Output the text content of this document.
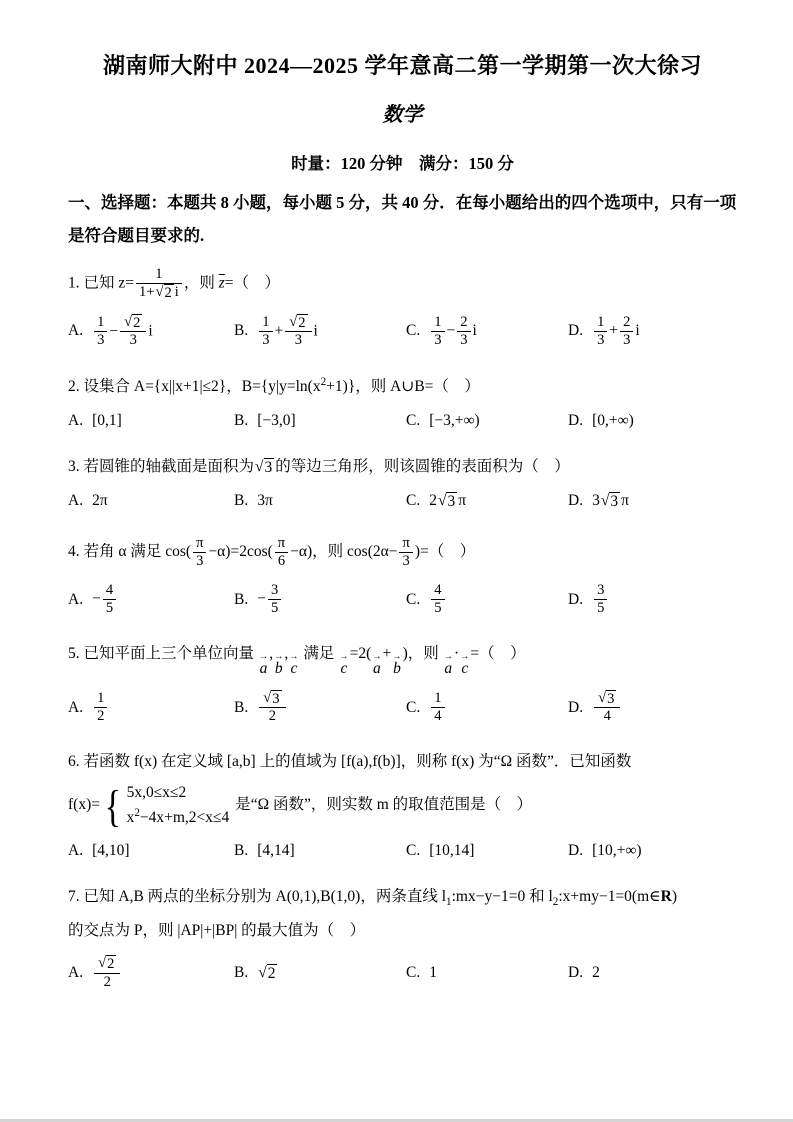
湖南师大附中 2024—2025 学年意高二第一学期第一次大徐习
数学
时量：120 分钟　满分：150 分
一、选择题：本题共 8 小题，每小题 5 分，共 40 分．在每小题给出的四个选项中，只有一项
是符合题目要求的.
1. 已知 $z= \frac{1}{1+ √ 2 i}$ ，则 $\overline{z}=$（　）
A. $\frac{1}{3} - \frac{√ 2}{3}$ i	B. $\frac{1}{3} + \frac{√ 2}{3}$ i	C. $\frac{1}{3} - \frac{2}{3}$ i	D. $\frac{1}{3} + \frac{2}{3}$ i
2. 设集合 A={x||x+1|≤2}，$B=\{y|y=\ln(x^2+1)\}$，则 A∪B=（　）
A. [0,1]	B. [−3,0]	C. [−3,+∞)	D. [0,+∞)
3. 若圆锥的轴截面是面积为 √ 3 的等边三角形，则该圆锥的表面积为（　）
A. 2π	B. 3π	C. 2 √ 3 π	D. 3 √ 3 π
4. 若角 α 满足 $\cos( \frac{\pi}{3} -\alpha)=2\cos( \frac{\pi}{6} -\alpha)$，则 $\cos(2\alpha- \frac{\pi}{3}$ )=（　）
A. − $\frac{4}{5}$	B. − $\frac{3}{5}$	C. $\frac{4}{5}$	D. $\frac{3}{5}$
5. 已知平面上三个单位向量 →
a
, →
b
, →
c
满足 →
c
=2( →
a
+ →
b
)，则 →
a
· →
c
=（　）
A. $\frac{1}{2}$	B. $\frac{√ 3}{2}$	C. $\frac{1}{4}$	D. $\frac{√ 3}{4}$
6. 若函数 f(x) 在定义域 [a,b] 上的值域为 [f(a),f(b)]，则称 f(x) 为“Ω 函数”．已知函数
f(x)= { 5x,0≤x≤2
$x^2-4x+m,2<x\le 4$
是“Ω 函数”，则实数 m 的取值范围是（　）
A. [4,10]	B. [4,14]	C. [10,14]	D. [10,+∞)
7. 已知 A,B 两点的坐标分别为 A(0,1),B(1,0)，两条直线 $l_1:mx-y-1=0$ 和 $l_2:x+my-1=0(m\in R)$
的交点为 P，则 |AP|+|BP| 的最大值为（　）
A. $\frac{√ 2}{2}$	B. √ 2	C. 1	D. 2
